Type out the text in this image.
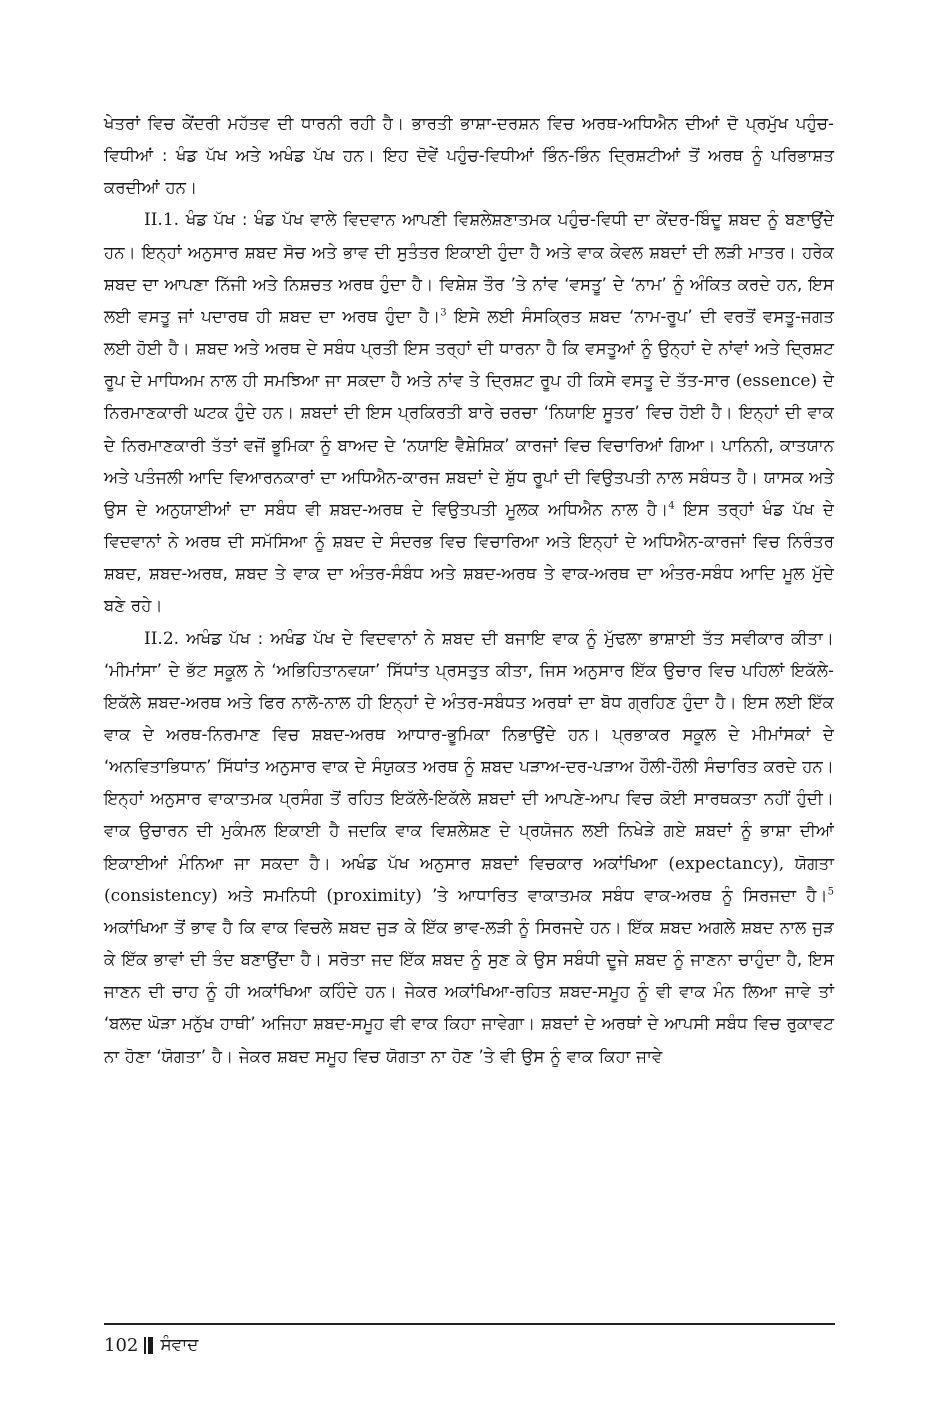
ਖੇਤਰਾਂ ਵਿਚ ਕੇਂਦਰੀ ਮਹੱਤਵ ਦੀ ਧਾਰਨੀ ਰਹੀ ਹੈ। ਭਾਰਤੀ ਭਾਸ਼ਾ-ਦਰਸ਼ਨ ਵਿਚ ਅਰਥ-ਅਧਿਐਨ ਦੀਆਂ ਦੋ ਪ੍ਰਮੁੱਖ ਪਹੁੰਚ-ਵਿਧੀਆਂ : ਖੰਡ ਪੱਖ ਅਤੇ ਅਖੰਡ ਪੱਖ ਹਨ। ਇਹ ਦੋਵੇਂ ਪਹੁੰਚ-ਵਿਧੀਆਂ ਭਿੰਨ-ਭਿੰਨ ਦ੍ਰਿਸ਼ਟੀਆਂ ਤੋਂ ਅਰਥ ਨੂੰ ਪਰਿਭਾਸ਼ਤ ਕਰਦੀਆਂ ਹਨ।

II.1. ਖੰਡ ਪੱਖ : ਖੰਡ ਪੱਖ ਵਾਲੇ ਵਿਦਵਾਨ ਆਪਣੀ ਵਿਸ਼ਲੇਸ਼ਣਾਤਮਕ ਪਹੁੰਚ-ਵਿਧੀ ਦਾ ਕੇਂਦਰ-ਬਿੰਦੂ ਸ਼ਬਦ ਨੂੰ ਬਣਾਉਂਦੇ ਹਨ। ਇਨ੍ਹਾਂ ਅਨੁਸਾਰ ਸ਼ਬਦ ਸੋਚ ਅਤੇ ਭਾਵ ਦੀ ਸੁਤੰਤਰ ਇਕਾਈ ਹੁੰਦਾ ਹੈ ਅਤੇ ਵਾਕ ਕੇਵਲ ਸ਼ਬਦਾਂ ਦੀ ਲੜੀ ਮਾਤਰ। ਹਰੇਕ ਸ਼ਬਦ ਦਾ ਆਪਣਾ ਨਿੱਜੀ ਅਤੇ ਨਿਸ਼ਚਤ ਅਰਥ ਹੁੰਦਾ ਹੈ। ਵਿਸ਼ੇਸ਼ ਤੌਰ ’ਤੇ ਨਾਂਵ ‘ਵਸਤੂ’ ਦੇ ‘ਨਾਮ’ ਨੂੰ ਅੰਕਿਤ ਕਰਦੇ ਹਨ, ਇਸ ਲਈ ਵਸਤੂ ਜਾਂ ਪਦਾਰਥ ਹੀ ਸ਼ਬਦ ਦਾ ਅਰਥ ਹੁੰਦਾ ਹੈ।$^3$ ਇਸੇ ਲਈ ਸੰਸਕ੍ਰਿਤ ਸ਼ਬਦ ‘ਨਾਮ-ਰੂਪ’ ਦੀ ਵਰਤੋਂ ਵਸਤੂ-ਜਗਤ ਲਈ ਹੋਈ ਹੈ। ਸ਼ਬਦ ਅਤੇ ਅਰਥ ਦੇ ਸਬੰਧ ਪ੍ਰਤੀ ਇਸ ਤਰ੍ਹਾਂ ਦੀ ਧਾਰਨਾ ਹੈ ਕਿ ਵਸਤੂਆਂ ਨੂੰ ਉਨ੍ਹਾਂ ਦੇ ਨਾਂਵਾਂ ਅਤੇ ਦ੍ਰਿਸ਼ਟ ਰੂਪ ਦੇ ਮਾਧਿਅਮ ਨਾਲ ਹੀ ਸਮਝਿਆ ਜਾ ਸਕਦਾ ਹੈ ਅਤੇ ਨਾਂਵ ਤੇ ਦ੍ਰਿਸ਼ਟ ਰੂਪ ਹੀ ਕਿਸੇ ਵਸਤੂ ਦੇ ਤੱਤ-ਸਾਰ (essence) ਦੇ ਨਿਰਮਾਣਕਾਰੀ ਘਟਕ ਹੁੰਦੇ ਹਨ। ਸ਼ਬਦਾਂ ਦੀ ਇਸ ਪ੍ਰਕਿਰਤੀ ਬਾਰੇ ਚਰਚਾ ‘ਨਿਯਾਇ ਸੂਤਰ’ ਵਿਚ ਹੋਈ ਹੈ। ਇਨ੍ਹਾਂ ਦੀ ਵਾਕ ਦੇ ਨਿਰਮਾਣਕਾਰੀ ਤੱਤਾਂ ਵਜੋਂ ਭੂਮਿਕਾ ਨੂੰ ਬਾਅਦ ਦੇ ‘ਨਯਾਇ ਵੈਸ਼ੇਸ਼ਿਕ’ ਕਾਰਜਾਂ ਵਿਚ ਵਿਚਾਰਿਆਂ ਗਿਆ। ਪਾਨਿਨੀ, ਕਾਤਯਾਨ ਅਤੇ ਪਤੰਜਲੀ ਆਦਿ ਵਿਆਰਨਕਾਰਾਂ ਦਾ ਅਧਿਐਨ-ਕਾਰਜ ਸ਼ਬਦਾਂ ਦੇ ਸ਼ੁੱਧ ਰੂਪਾਂ ਦੀ ਵਿਉਤਪਤੀ ਨਾਲ ਸਬੰਧਤ ਹੈ। ਯਾਸਕ ਅਤੇ ਉਸ ਦੇ ਅਨੁਯਾਈਆਂ ਦਾ ਸਬੰਧ ਵੀ ਸ਼ਬਦ-ਅਰਥ ਦੇ ਵਿਉਤਪਤੀ ਮੂਲਕ ਅਧਿਐਨ ਨਾਲ ਹੈ।$^4$ ਇਸ ਤਰ੍ਹਾਂ ਖੰਡ ਪੱਖ ਦੇ ਵਿਦਵਾਨਾਂ ਨੇ ਅਰਥ ਦੀ ਸਮੱਸਿਆ ਨੂੰ ਸ਼ਬਦ ਦੇ ਸੰਦਰਭ ਵਿਚ ਵਿਚਾਰਿਆ ਅਤੇ ਇਨ੍ਹਾਂ ਦੇ ਅਧਿਐਨ-ਕਾਰਜਾਂ ਵਿਚ ਨਿਰੰਤਰ ਸ਼ਬਦ, ਸ਼ਬਦ-ਅਰਥ, ਸ਼ਬਦ ਤੇ ਵਾਕ ਦਾ ਅੰਤਰ-ਸੰਬੰਧ ਅਤੇ ਸ਼ਬਦ-ਅਰਥ ਤੇ ਵਾਕ-ਅਰਥ ਦਾ ਅੰਤਰ-ਸਬੰਧ ਆਦਿ ਮੂਲ ਮੁੱਦੇ ਬਣੇ ਰਹੇ।

II.2. ਅਖੰਡ ਪੱਖ : ਅਖੰਡ ਪੱਖ ਦੇ ਵਿਦਵਾਨਾਂ ਨੇ ਸ਼ਬਦ ਦੀ ਬਜਾਇ ਵਾਕ ਨੂੰ ਮੁੱਢਲਾ ਭਾਸ਼ਾਈ ਤੱਤ ਸਵੀਕਾਰ ਕੀਤਾ। ‘ਮੀਮਾਂਸਾ’ ਦੇ ਭੱਟ ਸਕੂਲ ਨੇ ‘ਅਭਿਹਿਤਾਨਵਯਾ’ ਸਿੱਧਾਂਤ ਪ੍ਰਸਤੁਤ ਕੀਤਾ, ਜਿਸ ਅਨੁਸਾਰ ਇੱਕ ਉਚਾਰ ਵਿਚ ਪਹਿਲਾਂ ਇਕੱਲੇ-ਇਕੱਲੇ ਸ਼ਬਦ-ਅਰਥ ਅਤੇ ਫਿਰ ਨਾਲੋ-ਨਾਲ ਹੀ ਇਨ੍ਹਾਂ ਦੇ ਅੰਤਰ-ਸਬੰਧਤ ਅਰਥਾਂ ਦਾ ਬੋਧ ਗ੍ਰਹਿਣ ਹੁੰਦਾ ਹੈ। ਇਸ ਲਈ ਇੱਕ ਵਾਕ ਦੇ ਅਰਥ-ਨਿਰਮਾਣ ਵਿਚ ਸ਼ਬਦ-ਅਰਥ ਆਧਾਰ-ਭੂਮਿਕਾ ਨਿਭਾਉਂਦੇ ਹਨ। ਪ੍ਰਭਾਕਰ ਸਕੂਲ ਦੇ ਮੀਮਾਂਸਕਾਂ ਦੇ ‘ਅਨਵਿਤਾਭਿਧਾਨ’ ਸਿੱਧਾਂਤ ਅਨੁਸਾਰ ਵਾਕ ਦੇ ਸੰਯੁਕਤ ਅਰਥ ਨੂੰ ਸ਼ਬਦ ਪੜਾਅ-ਦਰ-ਪੜਾਅ ਹੌਲੀ-ਹੌਲੀ ਸੰਚਾਰਿਤ ਕਰਦੇ ਹਨ। ਇਨ੍ਹਾਂ ਅਨੁਸਾਰ ਵਾਕਾਤਮਕ ਪ੍ਰਸੰਗ ਤੋਂ ਰਹਿਤ ਇਕੱਲੇ-ਇਕੱਲੇ ਸ਼ਬਦਾਂ ਦੀ ਆਪਣੇ-ਆਪ ਵਿਚ ਕੋਈ ਸਾਰਥਕਤਾ ਨਹੀਂ ਹੁੰਦੀ। ਵਾਕ ਉਚਾਰਨ ਦੀ ਮੁਕੰਮਲ ਇਕਾਈ ਹੈ ਜਦਕਿ ਵਾਕ ਵਿਸ਼ਲੇਸ਼ਣ ਦੇ ਪ੍ਰਯੋਜਨ ਲਈ ਨਿਖੇੜੇ ਗਏ ਸ਼ਬਦਾਂ ਨੂੰ ਭਾਸ਼ਾ ਦੀਆਂ ਇਕਾਈਆਂ ਮੰਨਿਆ ਜਾ ਸਕਦਾ ਹੈ। ਅਖੰਡ ਪੱਖ ਅਨੁਸਾਰ ਸ਼ਬਦਾਂ ਵਿਚਕਾਰ ਅਕਾਂਖਿਆ (expectancy), ਯੋਗਤਾ (consistency) ਅਤੇ ਸਮਨਿਧੀ (proximity) ’ਤੇ ਆਧਾਰਿਤ ਵਾਕਾਤਮਕ ਸਬੰਧ ਵਾਕ-ਅਰਥ ਨੂੰ ਸਿਰਜਦਾ ਹੈ।$^5$ ਅਕਾਂਖਿਆ ਤੋਂ ਭਾਵ ਹੈ ਕਿ ਵਾਕ ਵਿਚਲੇ ਸ਼ਬਦ ਜੁੜ ਕੇ ਇੱਕ ਭਾਵ-ਲੜੀ ਨੂੰ ਸਿਰਜਦੇ ਹਨ। ਇੱਕ ਸ਼ਬਦ ਅਗਲੇ ਸ਼ਬਦ ਨਾਲ ਜੁੜ ਕੇ ਇੱਕ ਭਾਵਾਂ ਦੀ ਤੰਦ ਬਣਾਉਂਦਾ ਹੈ। ਸਰੋਤਾ ਜਦ ਇੱਕ ਸ਼ਬਦ ਨੂੰ ਸੁਣ ਕੇ ਉਸ ਸਬੰਧੀ ਦੂਜੇ ਸ਼ਬਦ ਨੂੰ ਜਾਣਨਾ ਚਾਹੁੰਦਾ ਹੈ, ਇਸ ਜਾਣਨ ਦੀ ਚਾਹ ਨੂੰ ਹੀ ਅਕਾਂਖਿਆ ਕਹਿੰਦੇ ਹਨ। ਜੇਕਰ ਅਕਾਂਖਿਆ-ਰਹਿਤ ਸ਼ਬਦ-ਸਮੂਹ ਨੂੰ ਵੀ ਵਾਕ ਮੰਨ ਲਿਆ ਜਾਵੇ ਤਾਂ ‘ਬਲਦ ਘੋੜਾ ਮਨੁੱਖ ਹਾਥੀ’ ਅਜਿਹਾ ਸ਼ਬਦ-ਸਮੂਹ ਵੀ ਵਾਕ ਕਿਹਾ ਜਾਵੇਗਾ। ਸ਼ਬਦਾਂ ਦੇ ਅਰਥਾਂ ਦੇ ਆਪਸੀ ਸਬੰਧ ਵਿਚ ਰੁਕਾਵਟ ਨਾ ਹੋਣਾ ‘ਯੋਗਤਾ’ ਹੈ। ਜੇਕਰ ਸ਼ਬਦ ਸਮੂਹ ਵਿਚ ਯੋਗਤਾ ਨਾ ਹੋਣ ’ਤੇ ਵੀ ਉਸ ਨੂੰ ਵਾਕ ਕਿਹਾ ਜਾਵੇ

102 ਸੰਵਾਦ
